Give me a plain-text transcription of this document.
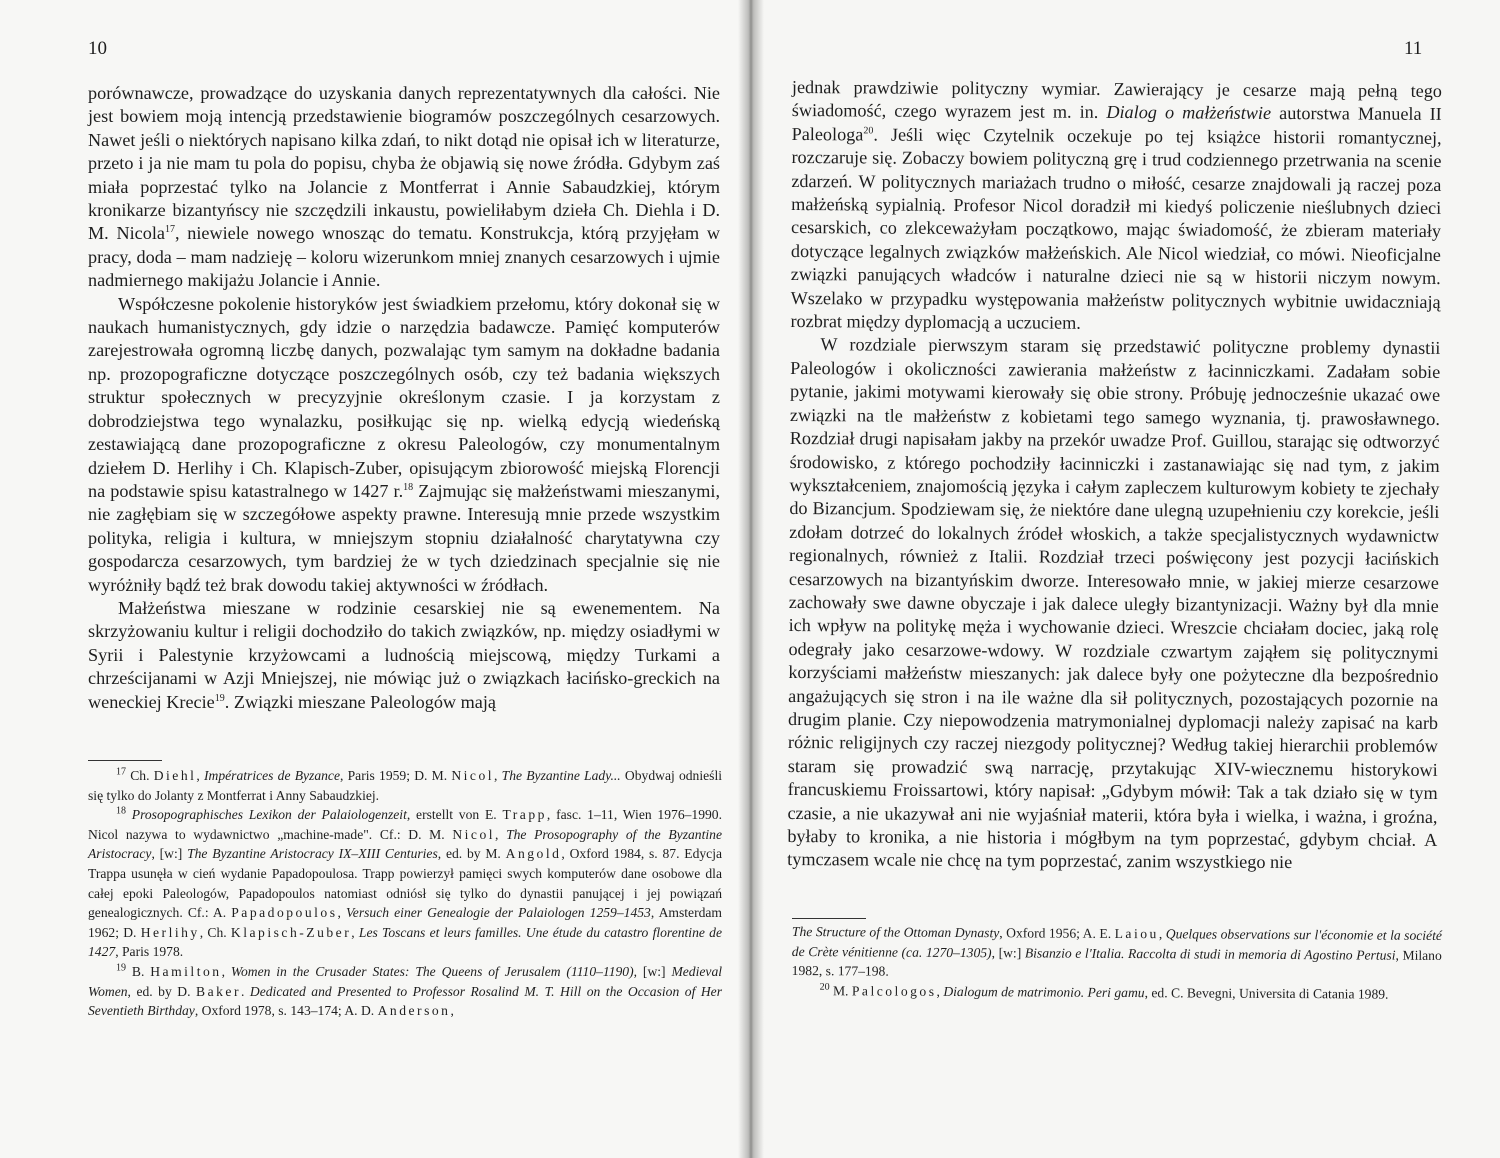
10

porównawcze, prowadzące do uzyskania danych reprezentatywnych dla całości. Nie jest bowiem moją intencją przedstawienie biogramów poszczególnych cesarzowych. Nawet jeśli o niektórych napisano kilka zdań, to nikt dotąd nie opisał ich w literaturze, przeto i ja nie mam tu pola do popisu, chyba że objawią się nowe źródła. Gdybym zaś miała poprzestać tylko na Jolancie z Montferrat i Annie Sabaudzkiej, którym kronikarze bizantyńscy nie szczędzili inkaustu, powieliłabym dzieła Ch. Diehla i D. M. Nicola$^{17}$, niewiele nowego wnosząc do tematu. Konstrukcja, którą przyjęłam w pracy, doda – mam nadzieję – koloru wizerunkom mniej znanych cesarzowych i ujmie nadmiernego makijażu Jolancie i Annie.

Współczesne pokolenie historyków jest świadkiem przełomu, który dokonał się w naukach humanistycznych, gdy idzie o narzędzia badawcze. Pamięć komputerów zarejestrowała ogromną liczbę danych, pozwalając tym samym na dokładne badania np. prozopograficzne dotyczące poszczególnych osób, czy też badania większych struktur społecznych w precyzyjnie określonym czasie. I ja korzystam z dobrodziejstwa tego wynalazku, posiłkując się np. wielką edycją wiedeńską zestawiającą dane prozopograficzne z okresu Paleologów, czy monumentalnym dziełem D. Herlihy i Ch. Klapisch-Zuber, opisującym zbiorowość miejską Florencji na podstawie spisu katastralnego w 1427 r.$^{18}$ Zajmując się małżeństwami mieszanymi, nie zagłębiam się w szczegółowe aspekty prawne. Interesują mnie przede wszystkim polityka, religia i kultura, w mniejszym stopniu działalność charytatywna czy gospodarcza cesarzowych, tym bardziej że w tych dziedzinach specjalnie się nie wyróżniły bądź też brak dowodu takiej aktywności w źródłach.

Małżeństwa mieszane w rodzinie cesarskiej nie są ewenementem. Na skrzyżowaniu kultur i religii dochodziło do takich związków, np. między osiadłymi w Syrii i Palestynie krzyżowcami a ludnością miejscową, między Turkami a chrześcijanami w Azji Mniejszej, nie mówiąc już o związkach łacińsko-greckich na weneckiej Krecie$^{19}$. Związki mieszane Paleologów mają

$^{17}$ Ch. Diehl, Impératrices de Byzance, Paris 1959; D. M. Nicol, The Byzantine Lady... Obydwaj odnieśli się tylko do Jolanty z Montferrat i Anny Sabaudzkiej.

$^{18}$ Prosopographisches Lexikon der Palaiologenzeit, erstellt von E. Trapp, fasc. 1–11, Wien 1976–1990. Nicol nazywa to wydawnictwo „machine-made". Cf.: D. M. Nicol, The Prosopography of the Byzantine Aristocracy, [w:] The Byzantine Aristocracy IX–XIII Centuries, ed. by M. Angold, Oxford 1984, s. 87. Edycja Trappa usunęła w cień wydanie Papadopoulosa. Trapp powierzył pamięci swych komputerów dane osobowe dla całej epoki Paleologów, Papadopoulos natomiast odniósł się tylko do dynastii panującej i jej powiązań genealogicznych. Cf.: A. Papadopoulos, Versuch einer Genealogie der Palaiologen 1259–1453, Amsterdam 1962; D. Herlihy, Ch. Klapisch-Zuber, Les Toscans et leurs familles. Une étude du catastro florentine de 1427, Paris 1978.

$^{19}$ B. Hamilton, Women in the Crusader States: The Queens of Jerusalem (1110–1190), [w:] Medieval Women, ed. by D. Baker. Dedicated and Presented to Professor Rosalind M. T. Hill on the Occasion of Her Seventieth Birthday, Oxford 1978, s. 143–174; A. D. Anderson,

11

jednak prawdziwie polityczny wymiar. Zawierający je cesarze mają pełną tego świadomość, czego wyrazem jest m. in. Dialog o małżeństwie autorstwa Manuela II Paleologa$^{20}$. Jeśli więc Czytelnik oczekuje po tej książce historii romantycznej, rozczaruje się. Zobaczy bowiem polityczną grę i trud codziennego przetrwania na scenie zdarzeń. W politycznych mariażach trudno o miłość, cesarze znajdowali ją raczej poza małżeńską sypialnią. Profesor Nicol doradził mi kiedyś policzenie nieślubnych dzieci cesarskich, co zlekceważyłam początkowo, mając świadomość, że zbieram materiały dotyczące legalnych związków małżeńskich. Ale Nicol wiedział, co mówi. Nieoficjalne związki panujących władców i naturalne dzieci nie są w historii niczym nowym. Wszelako w przypadku występowania małżeństw politycznych wybitnie uwidaczniają rozbrat między dyplomacją a uczuciem.

W rozdziale pierwszym staram się przedstawić polityczne problemy dynastii Paleologów i okoliczności zawierania małżeństw z łacinniczkami. Zadałam sobie pytanie, jakimi motywami kierowały się obie strony. Próbuję jednocześnie ukazać owe związki na tle małżeństw z kobietami tego samego wyznania, tj. prawosławnego. Rozdział drugi napisałam jakby na przekór uwadze Prof. Guillou, starając się odtworzyć środowisko, z którego pochodziły łacinniczki i zastanawiając się nad tym, z jakim wykształceniem, znajomością języka i całym zapleczem kulturowym kobiety te zjechały do Bizancjum. Spodziewam się, że niektóre dane ulegną uzupełnieniu czy korekcie, jeśli zdołam dotrzeć do lokalnych źródeł włoskich, a także specjalistycznych wydawnictw regionalnych, również z Italii. Rozdział trzeci poświęcony jest pozycji łacińskich cesarzowych na bizantyńskim dworze. Interesowało mnie, w jakiej mierze cesarzowe zachowały swe dawne obyczaje i jak dalece uległy bizantynizacji. Ważny był dla mnie ich wpływ na politykę męża i wychowanie dzieci. Wreszcie chciałam dociec, jaką rolę odegrały jako cesarzowe-wdowy. W rozdziale czwartym zająłem się politycznymi korzyściami małżeństw mieszanych: jak dalece były one pożyteczne dla bezpośrednio angażujących się stron i na ile ważne dla sił politycznych, pozostających pozornie na drugim planie. Czy niepowodzenia matrymonialnej dyplomacji należy zapisać na karb różnic religijnych czy raczej niezgody politycznej? Według takiej hierarchii problemów staram się prowadzić swą narrację, przytakując XIV-wiecznemu historykowi francuskiemu Froissartowi, który napisał: „Gdybym mówił: Tak a tak działo się w tym czasie, a nie ukazywał ani nie wyjaśniał materii, która była i wielka, i ważna, i groźna, byłaby to kronika, a nie historia i mógłbym na tym poprzestać, gdybym chciał. A tymczasem wcale nie chcę na tym poprzestać, zanim wszystkiego nie

The Structure of the Ottoman Dynasty, Oxford 1956; A. E. Laiou, Quelques observations sur l'économie et la société de Crète vénitienne (ca. 1270–1305), [w:] Bisanzio e l'Italia. Raccolta di studi in memoria di Agostino Pertusi, Milano 1982, s. 177–198.

$^{20}$ M. Palcologos, Dialogum de matrimonio. Peri gamu, ed. C. Bevegni, Universita di Catania 1989.
